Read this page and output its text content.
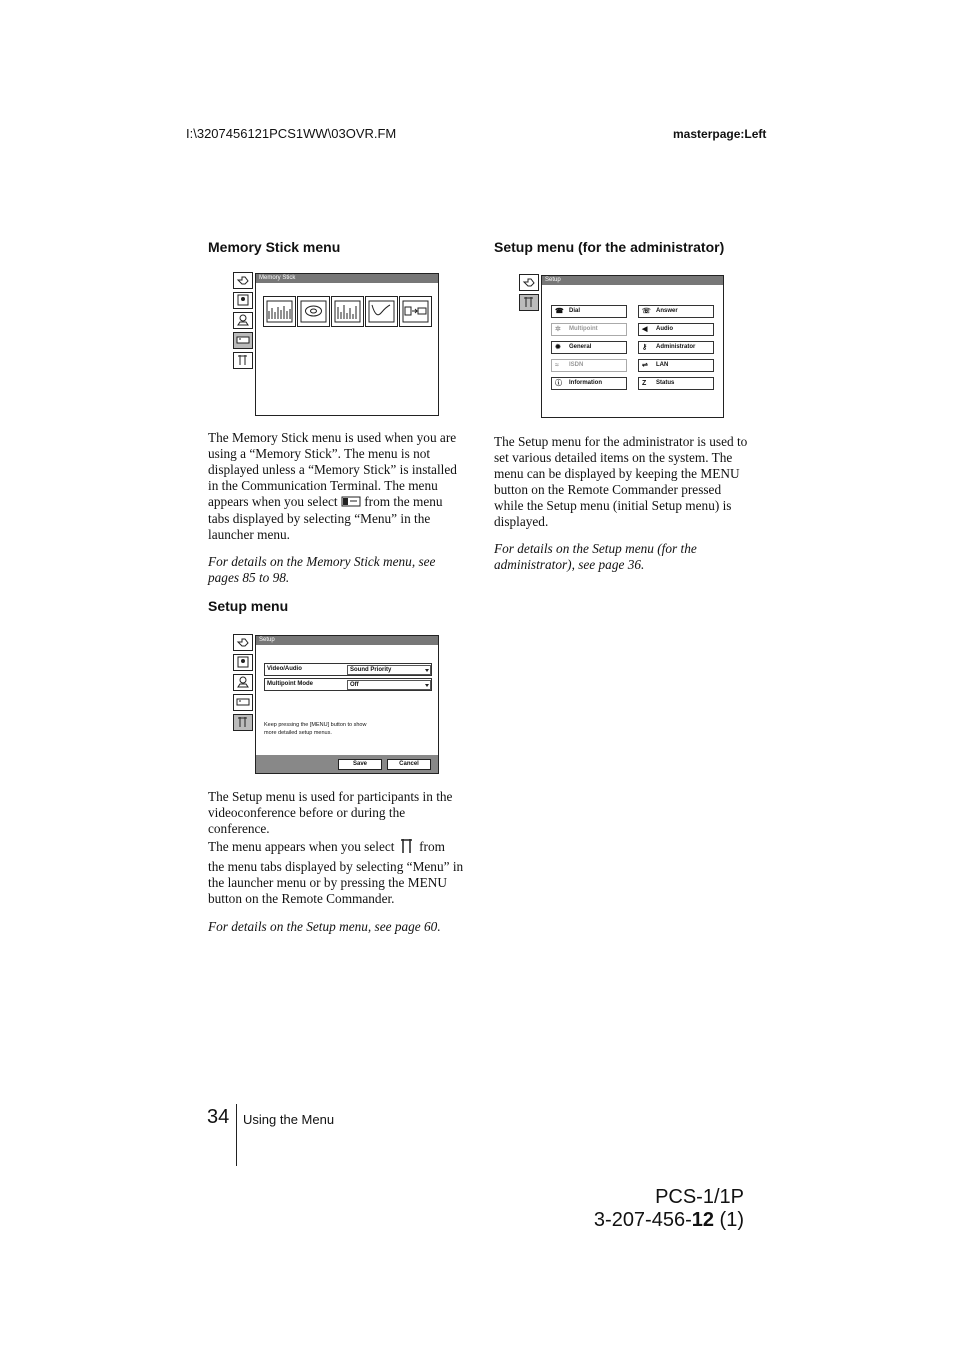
I:\3207456121PCS1WW\03OVR.FM	masterpage:Left
Memory Stick menu
Memory Stick

The Memory Stick menu is used when you are using a “Memory Stick”. The menu is not displayed unless a “Memory Stick” is installed in the Communication Terminal. The menu appears when you select from the menu tabs displayed by selecting “Menu” in the launcher menu.

For details on the Memory Stick menu, see pages 85 to 98.

Setup menu
Setup
Video/Audio	Sound Priority
Multipoint Mode	Off
Keep pressing the [MENU] button to show
more detailed setup menus.
Save	Cancel

The Setup menu is used for participants in the videoconference before or during the conference.

The menu appears when you select from the menu tabs displayed by selecting “Menu” in the launcher menu or by pressing the MENU button on the Remote Commander.

For details on the Setup menu, see page 60.

Setup menu (for the administrator)
Setup
☎ Dial	☏ Answer
✲ Multipoint	◀ Audio
✹ General	⚷ Administrator
≈ ISDN	⇌ LAN
ⓘ Information	Ζ Status

The Setup menu for the administrator is used to set various detailed items on the system. The menu can be displayed by keeping the MENU button on the Remote Commander pressed while the Setup menu (initial Setup menu) is displayed.

For details on the Setup menu (for the administrator), see page 36.

34 Using the Menu
PCS-1/1P
3-207-456-12 (1)
